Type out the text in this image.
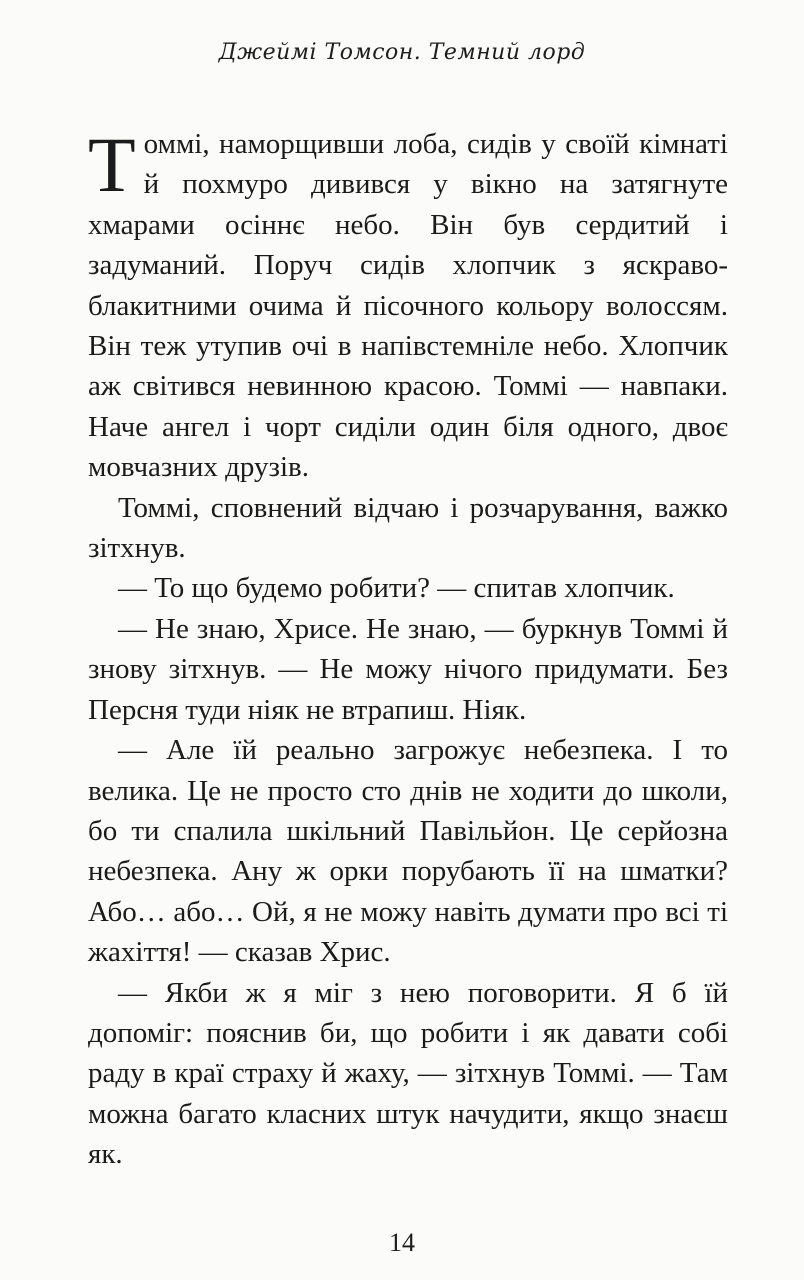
Джеймі Томсон. Темний лорд

Томмі, наморщивши лоба, сидів у своїй кімнаті й похмуро дивився у вікно на затягнуте хмарами осіннє небо. Він був сердитий і задуманий. Поруч сидів хлопчик з яскраво-блакитними очима й пісочного кольору волоссям. Він теж утупив очі в напівстемніле небо. Хлопчик аж світився невинною красою. Томмі — навпаки. Наче ангел і чорт сиділи один біля одного, двоє мовчазних друзів.

Томмі, сповнений відчаю і розчарування, важко зітхнув.

— То що будемо робити? — спитав хлопчик.

— Не знаю, Хрисе. Не знаю, — буркнув Томмі й знову зітхнув. — Не можу нічого придумати. Без Персня туди ніяк не втрапиш. Ніяк.

— Але їй реально загрожує небезпека. І то велика. Це не просто сто днів не ходити до школи, бо ти спалила шкільний Павільйон. Це серйозна небезпека. Ану ж орки порубають її на шматки? Або… або… Ой, я не можу навіть думати про всі ті жахіття! — сказав Хрис.

— Якби ж я міг з нею поговорити. Я б їй допоміг: пояснив би, що робити і як давати собі раду в краї страху й жаху, — зітхнув Томмі. — Там можна багато класних штук начудити, якщо знаєш як.

14
